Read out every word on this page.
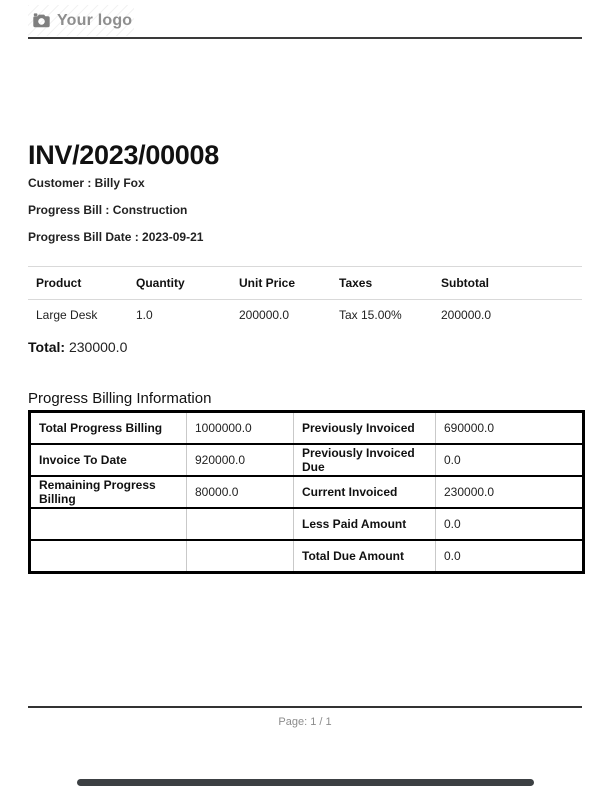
Your logo
INV/2023/00008
Customer : Billy Fox
Progress Bill : Construction
Progress Bill Date : 2023-09-21
Product	Quantity	Unit Price	Taxes	Subtotal
Large Desk	1.0	200000.0	Tax 15.00%	200000.0
Total: 230000.0
Progress Billing Information
Total Progress Billing	1000000.0	Previously Invoiced	690000.0
Invoice To Date	920000.0	Previously Invoiced Due	0.0
Remaining Progress Billing	80000.0	Current Invoiced	230000.0
		Less Paid Amount	0.0
		Total Due Amount	0.0
Page: 1 / 1
